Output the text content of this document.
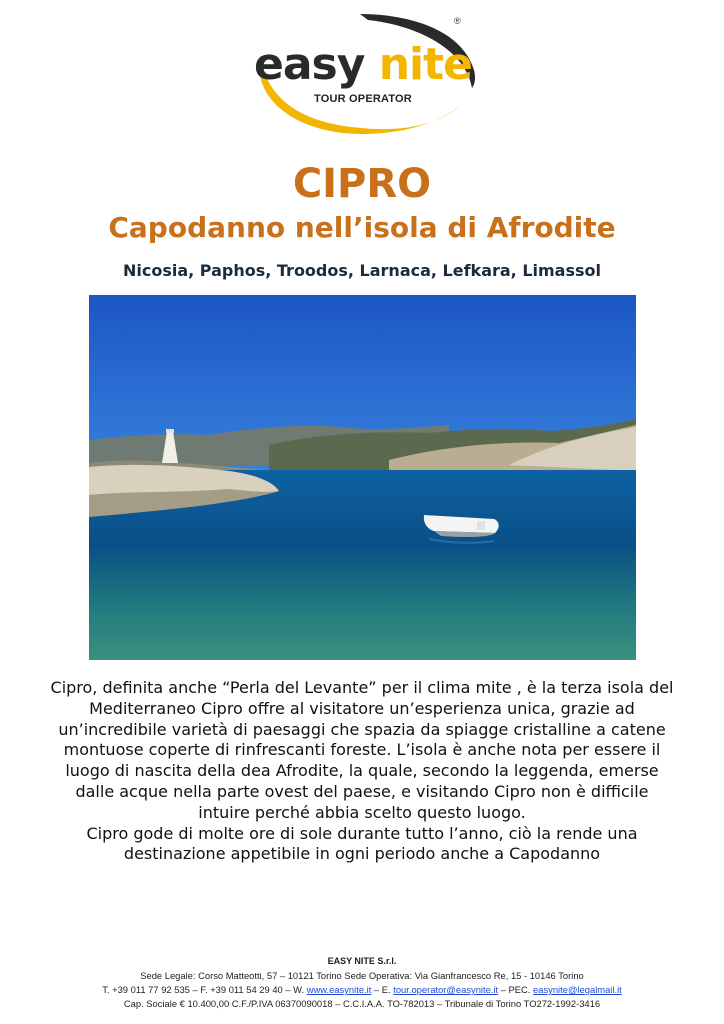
®
easy nite
TOUR OPERATOR
CIPRO
Capodanno nell’isola di Afrodite
Nicosia, Paphos, Troodos, Larnaca, Lefkara, Limassol

Cipro, definita anche “Perla del Levante” per il clima mite , è la terza isola del Mediterraneo Cipro offre al visitatore un’esperienza unica, grazie ad un’incredibile varietà di paesaggi che spazia da spiagge cristalline a catene montuose coperte di rinfrescanti foreste. L’isola è anche nota per essere il luogo di nascita della dea Afrodite, la quale, secondo la leggenda, emerse dalle acque nella parte ovest del paese, e visitando Cipro non è difficile intuire perché abbia scelto questo luogo.

Cipro gode di molte ore di sole durante tutto l’anno, ciò la rende una destinazione appetibile in ogni periodo anche a Capodanno

EASY NITE S.r.l.
Sede Legale: Corso Matteotti, 57 – 10121 Torino Sede Operativa: Via Gianfrancesco Re, 15 - 10146 Torino
T. +39 011 77 92 535 – F. +39 011 54 29 40 – W. www.easynite.it – E. tour.operator@easynite.it – PEC. easynite@legalmail.it
Cap. Sociale € 10.400,00 C.F./P.IVA 06370090018 – C.C.I.A.A. TO-782013 – Tribunale di Torino TO272-1992-3416
